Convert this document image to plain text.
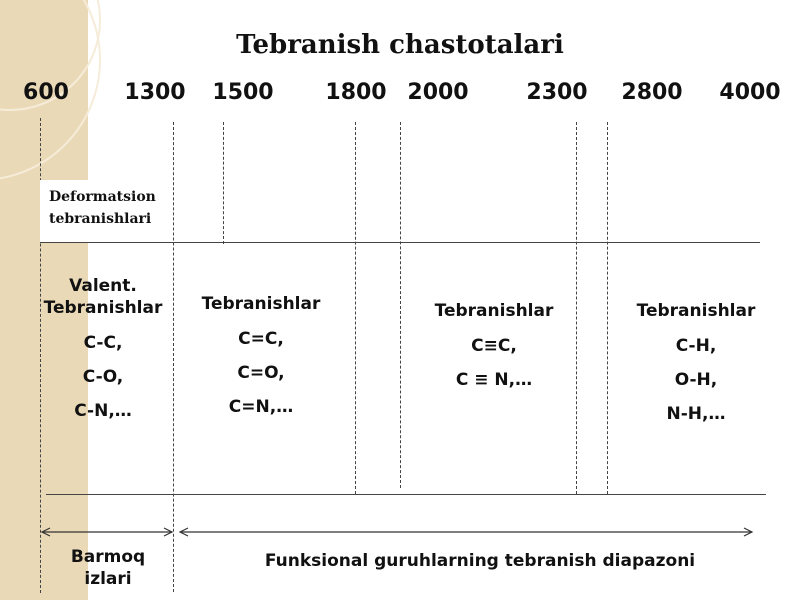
Tebranish chastotalari
600	1300 1500 1800 2000	2300 2800 4000
Deformatsion
tebranishlari
Valent. Tebranishlar
C-C,
C-O,
C-N,…
Tebranishlar
C=C,
C=O,
C=N,…
Tebranishlar
C≡C,
C ≡ N,…
Tebranishlar
C-H,
O-H,
N-H,…
Barmoq izlari
Funksional guruhlarning tebranish diapazoni
